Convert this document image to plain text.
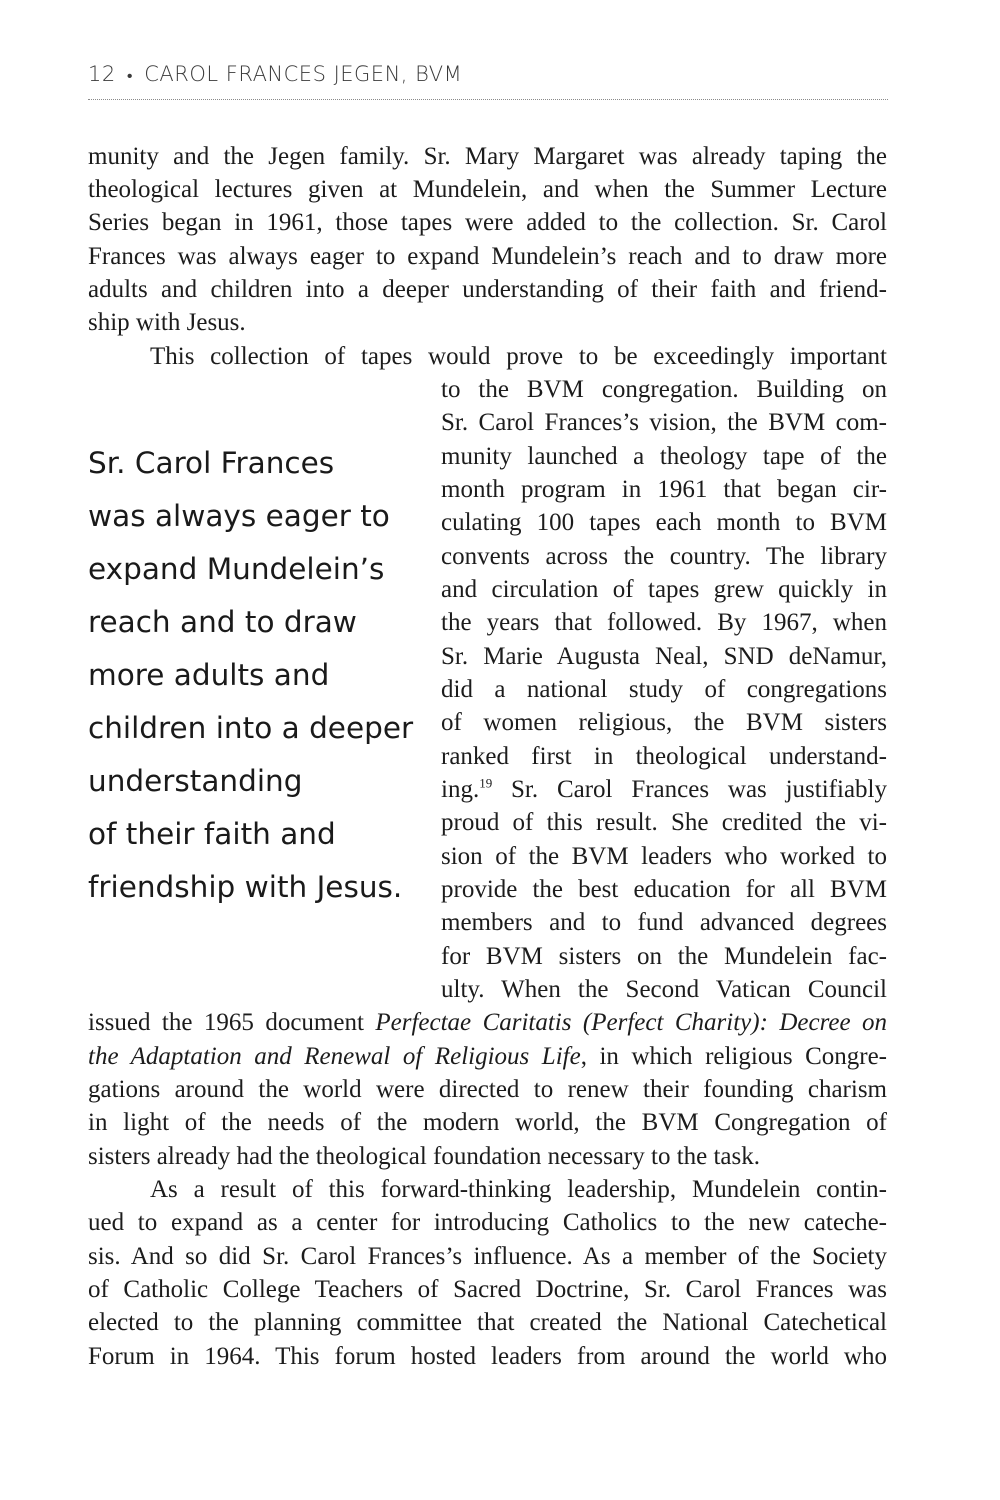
12 • CAROL FRANCES JEGEN, BVM
munity and the Jegen family. Sr. Mary Margaret was already taping the
theological lectures given at Mundelein, and when the Summer Lecture
Series began in 1961, those tapes were added to the collection. Sr. Carol
Frances was always eager to expand Mundelein’s reach and to draw more
adults and children into a deeper understanding of their faith and friend-
ship with Jesus.
This collection of tapes would prove to be exceedingly important
to the BVM congregation. Building on
Sr. Carol Frances’s vision, the BVM com-
munity launched a theology tape of the
month program in 1961 that began cir-
culating 100 tapes each month to BVM
convents across the country. The library
and circulation of tapes grew quickly in
the years that followed. By 1967, when
Sr. Marie Augusta Neal, SND deNamur,
did a national study of congregations
of women religious, the BVM sisters
ranked first in theological understand-
ing.$^{19}$ Sr. Carol Frances was justifiably
proud of this result. She credited the vi-
sion of the BVM leaders who worked to
provide the best education for all BVM
members and to fund advanced degrees
for BVM sisters on the Mundelein fac-
ulty. When the Second Vatican Council
issued the 1965 document Perfectae Caritatis (Perfect Charity): Decree on
the Adaptation and Renewal of Religious Life, in which religious Congre-
gations around the world were directed to renew their founding charism
in light of the needs of the modern world, the BVM Congregation of
sisters already had the theological foundation necessary to the task.
As a result of this forward-thinking leadership, Mundelein contin-
ued to expand as a center for introducing Catholics to the new catechе-
sis. And so did Sr. Carol Frances’s influence. As a member of the Society
of Catholic College Teachers of Sacred Doctrine, Sr. Carol Frances was
elected to the planning committee that created the National Catechetical
Forum in 1964. This forum hosted leaders from around the world who
Sr. Carol Frances
was always eager to
expand Mundelein’s
reach and to draw
more adults and
children into a deeper
understanding
of their faith and
friendship with Jesus.
